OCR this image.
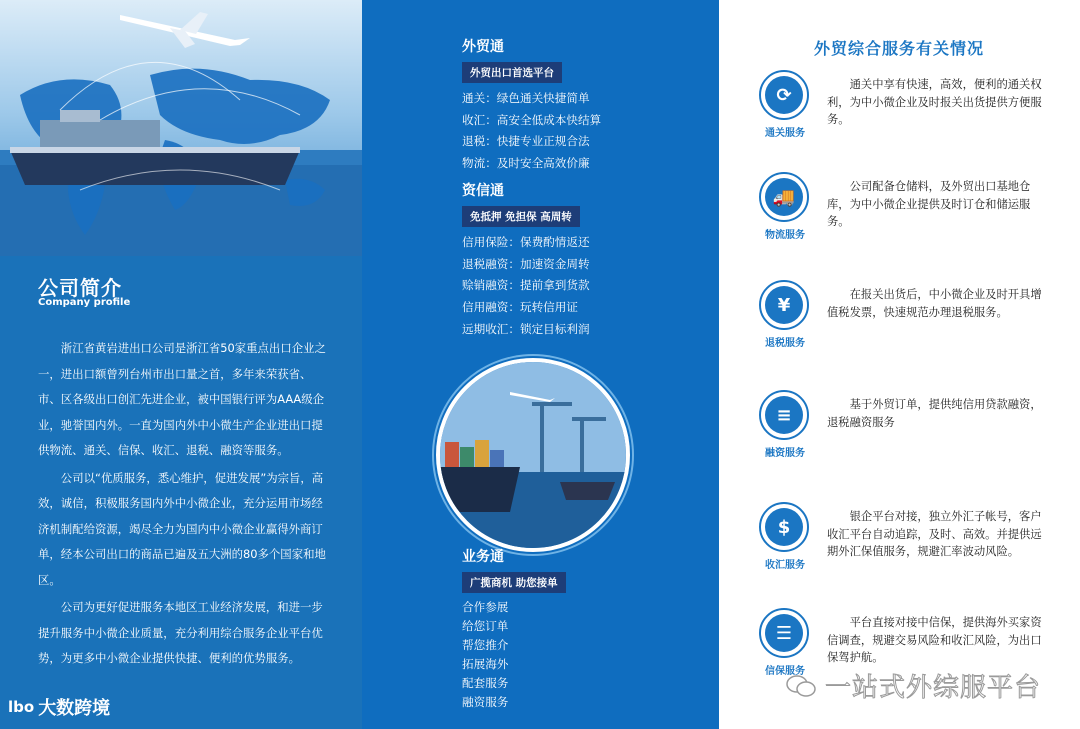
公司简介
Company profile

浙江省黄岩进出口公司是浙江省50家重点出口企业之一，进出口额曾列台州市出口量之首，多年来荣获省、市、区各级出口创汇先进企业，被中国银行评为AAA级企业，驰誉国内外。一直为国内外中小微生产企业进出口提供物流、通关、信保、收汇、退税、融资等服务。

公司以“优质服务，悉心维护，促进发展”为宗旨，高效，诚信，积极服务国内外中小微企业，充分运用市场经济机制配给资源，竭尽全力为国内中小微企业赢得外商订单，经本公司出口的商品已遍及五大洲的80多个国家和地区。

公司为更好促进服务本地区工业经济发展，和进一步提升服务中小微企业质量，充分利用综合服务企业平台优势，为更多中小微企业提供快捷、便利的优势服务。

lbo 大数跨境
外贸通
外贸出口首选平台
通关：绿色通关快捷简单
收汇：高安全低成本快结算
退税：快捷专业正规合法
物流：及时安全高效价廉
资信通
免抵押 免担保 高周转
信用保险：保费酌情返还
退税融资：加速资金周转
赊销融资：提前拿到货款
信用融资：玩转信用证
远期收汇：锁定目标利润
业务通
广揽商机 助您接单
合作参展
给您订单
帮您推介
拓展海外
配套服务
融资服务
外贸综合服务有关情况
⟳
通关服务

通关中享有快速，高效，便利的通关权利，为中小微企业及时报关出货提供方便服务。

🚚
物流服务

公司配备仓储料，及外贸出口基地仓库，为中小微企业提供及时订仓和储运服务。

¥
退税服务

在报关出货后，中小微企业及时开具增值税发票，快速规范办理退税服务。

≡
融资服务

基于外贸订单，提供纯信用贷款融资，退税融资服务

$
收汇服务

银企平台对接，独立外汇子帐号，客户收汇平台自动追踪，及时、高效。并提供远期外汇保值服务，规避汇率波动风险。

☰
信保服务

平台直接对接中信保，提供海外买家资信调查，规避交易风险和收汇风险，为出口保驾护航。

一站式外综服平台
